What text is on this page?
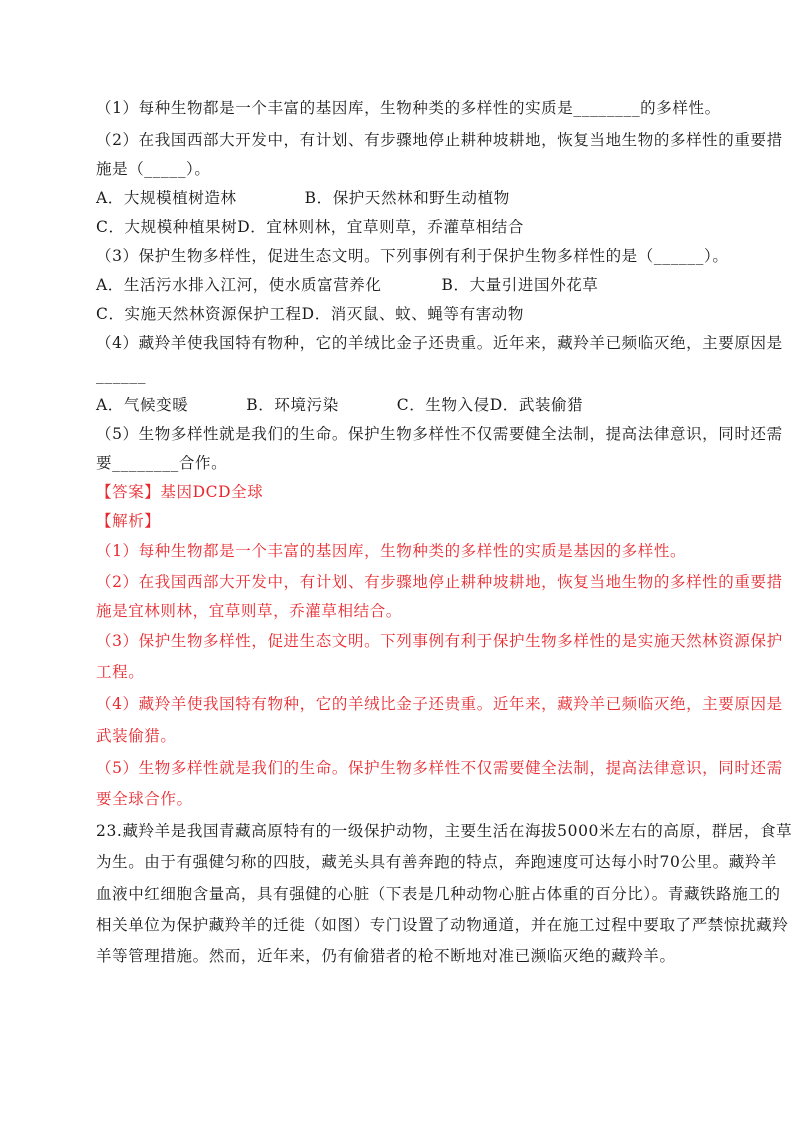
（1）每种生物都是一个丰富的基因库，生物种类的多样性的实质是________的多样性。
（2）在我国西部大开发中，有计划、有步骤地停止耕种坡耕地，恢复当地生物的多样性的重要措
施是（_____）。
A．大规模植树造林	B．保护天然林和野生动植物
C．大规模种植果树D．宜林则林，宜草则草，乔灌草相结合
（3）保护生物多样性，促进生态文明。下列事例有利于保护生物多样性的是（______）。
A．生活污水排入江河，使水质富营养化	B．大量引进国外花草
C．实施天然林资源保护工程D．消灭鼠、蚊、蝇等有害动物
（4）藏羚羊使我国特有物种，它的羊绒比金子还贵重。近年来，藏羚羊已频临灭绝，主要原因是
______
A．气候变暖	B．环境污染	C．生物入侵D．武装偷猎
（5）生物多样性就是我们的生命。保护生物多样性不仅需要健全法制，提高法律意识，同时还需
要________合作。
【答案】基因DCD全球
【解析】
（1）每种生物都是一个丰富的基因库，生物种类的多样性的实质是基因的多样性。
（2）在我国西部大开发中，有计划、有步骤地停止耕种坡耕地，恢复当地生物的多样性的重要措
施是宜林则林，宜草则草，乔灌草相结合。
（3）保护生物多样性，促进生态文明。下列事例有利于保护生物多样性的是实施天然林资源保护
工程。
（4）藏羚羊使我国特有物种，它的羊绒比金子还贵重。近年来，藏羚羊已频临灭绝，主要原因是
武装偷猎。
（5）生物多样性就是我们的生命。保护生物多样性不仅需要健全法制，提高法律意识，同时还需
要全球合作。
23.藏羚羊是我国青藏高原特有的一级保护动物，主要生活在海拔5000米左右的高原，群居，食草
为生。由于有强健匀称的四肢，藏羌头具有善奔跑的特点，奔跑速度可达每小时70公里。藏羚羊
血液中红细胞含量高，具有强健的心脏（下表是几种动物心脏占体重的百分比）。青藏铁路施工的
相关单位为保护藏羚羊的迁徙（如图）专门设置了动物通道，并在施工过程中要取了严禁惊扰藏羚
羊等管理措施。然而，近年来，仍有偷猎者的枪不断地对准已濒临灭绝的藏羚羊。
